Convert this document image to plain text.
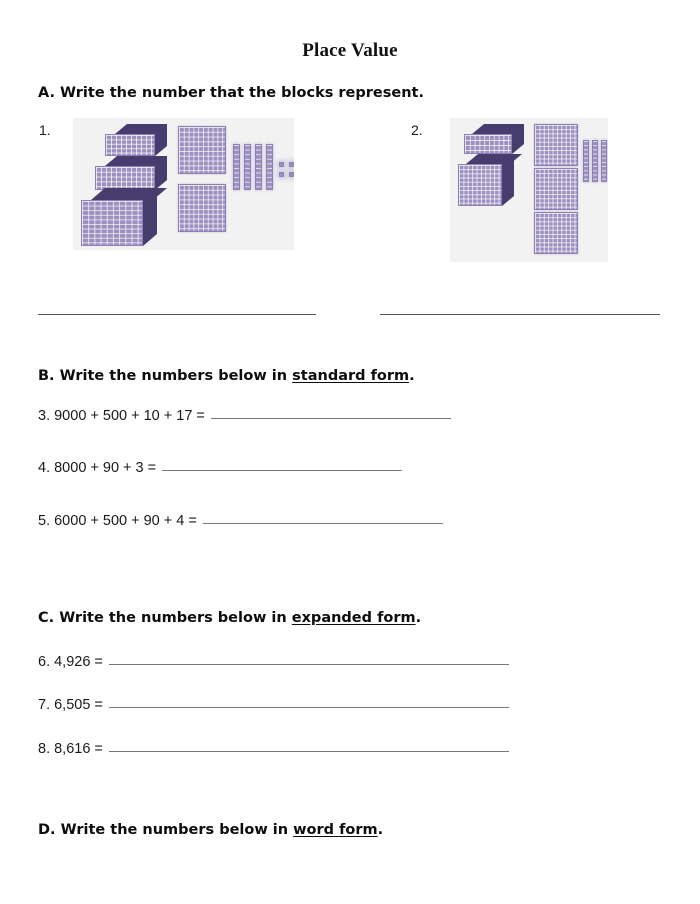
Place Value
A. Write the number that the blocks represent.
1.	2.
B. Write the numbers below in standard form.
3. 9000 + 500 + 10 + 17 =
4. 8000 + 90 + 3 =
5. 6000 + 500 + 90 + 4 =
C. Write the numbers below in expanded form.
6. 4,926 =
7. 6,505 =
8. 8,616 =
D. Write the numbers below in word form.
